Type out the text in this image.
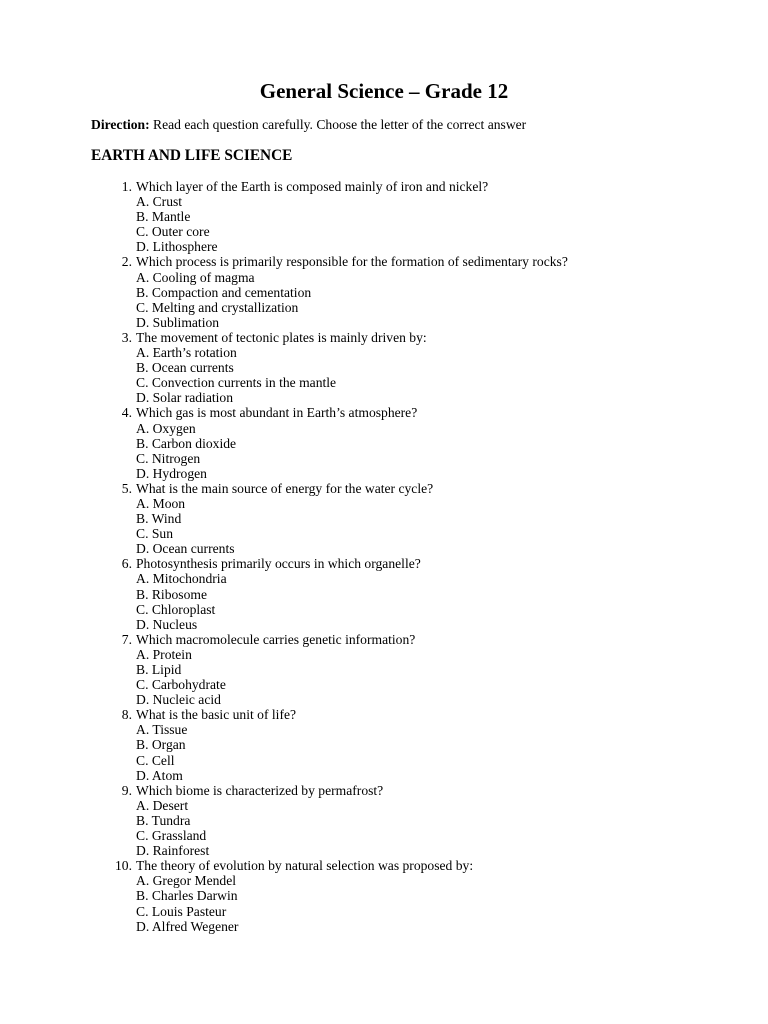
General Science – Grade 12
Direction: Read each question carefully. Choose the letter of the correct answer
EARTH AND LIFE SCIENCE
1. Which layer of the Earth is composed mainly of iron and nickel?
A. Crust
B. Mantle
C. Outer core
D. Lithosphere
2. Which process is primarily responsible for the formation of sedimentary rocks?
A. Cooling of magma
B. Compaction and cementation
C. Melting and crystallization
D. Sublimation
3. The movement of tectonic plates is mainly driven by:
A. Earth’s rotation
B. Ocean currents
C. Convection currents in the mantle
D. Solar radiation
4. Which gas is most abundant in Earth’s atmosphere?
A. Oxygen
B. Carbon dioxide
C. Nitrogen
D. Hydrogen
5. What is the main source of energy for the water cycle?
A. Moon
B. Wind
C. Sun
D. Ocean currents
6. Photosynthesis primarily occurs in which organelle?
A. Mitochondria
B. Ribosome
C. Chloroplast
D. Nucleus
7. Which macromolecule carries genetic information?
A. Protein
B. Lipid
C. Carbohydrate
D. Nucleic acid
8. What is the basic unit of life?
A. Tissue
B. Organ
C. Cell
D. Atom
9. Which biome is characterized by permafrost?
A. Desert
B. Tundra
C. Grassland
D. Rainforest
10. The theory of evolution by natural selection was proposed by:
A. Gregor Mendel
B. Charles Darwin
C. Louis Pasteur
D. Alfred Wegener
